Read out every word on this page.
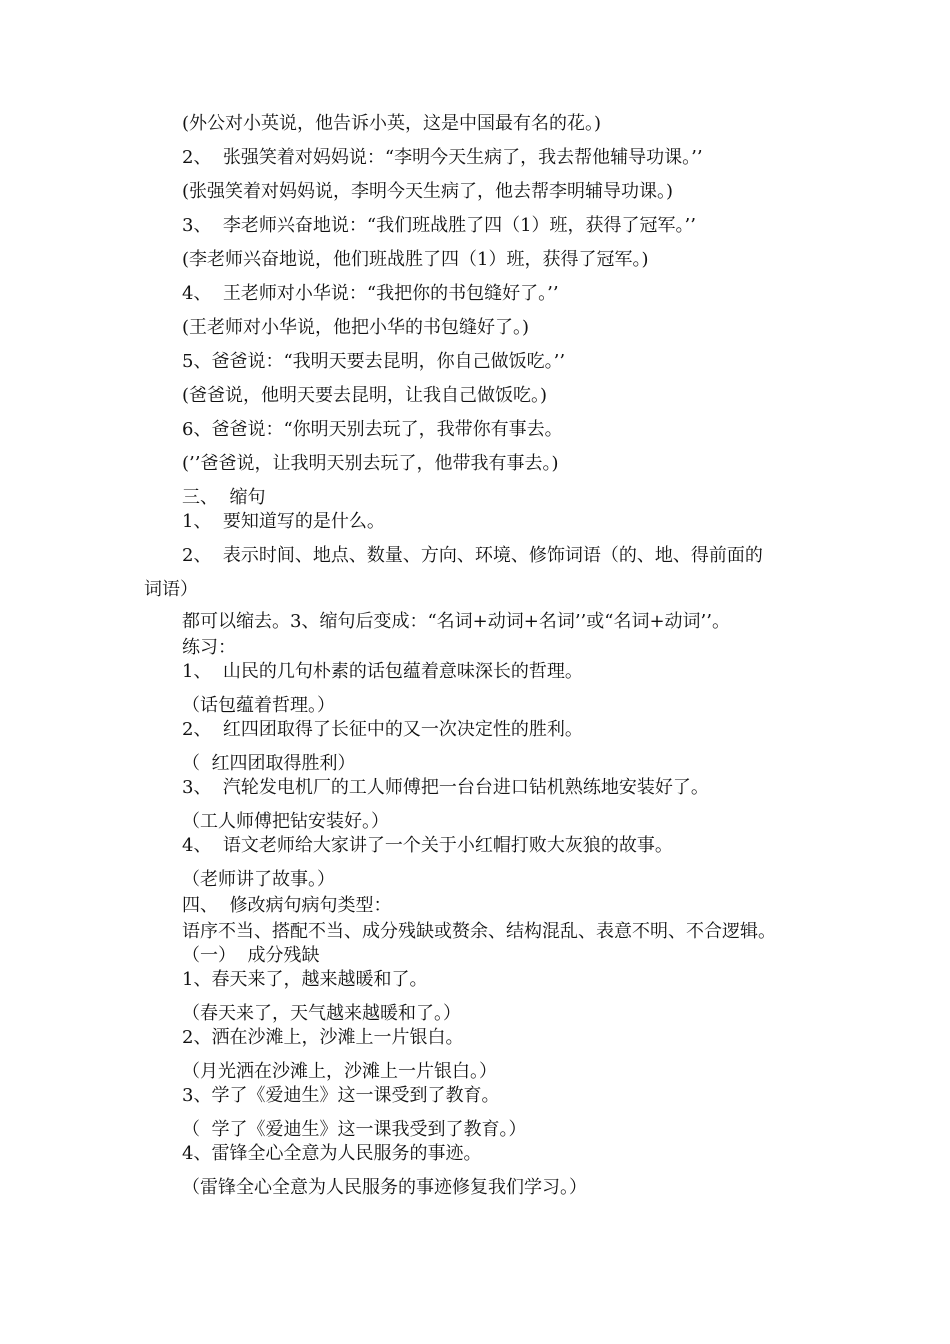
(外公对小英说，他告诉小英，这是中国最有名的花。)
2、  张强笑着对妈妈说：“李明今天生病了，我去帮他辅导功课。’’
(张强笑着对妈妈说，李明今天生病了，他去帮李明辅导功课。)
3、  李老师兴奋地说：“我们班战胜了四（1）班，获得了冠军。’’
(李老师兴奋地说，他们班战胜了四（1）班，获得了冠军。)
4、  王老师对小华说：“我把你的书包缝好了。’’
(王老师对小华说，他把小华的书包缝好了。)
5、爸爸说：“我明天要去昆明，你自己做饭吃。’’
(爸爸说，他明天要去昆明，让我自己做饭吃。)
6、爸爸说：“你明天别去玩了，我带你有事去。
(’’爸爸说，让我明天别去玩了，他带我有事去。)
三、  缩句
1、  要知道写的是什么。
2、  表示时间、地点、数量、方向、环境、修饰词语（的、地、得前面的
词语）
都可以缩去。3、缩句后变成：“名词+动词+名词’’或“名词+动词’’。
练习：
1、  山民的几句朴素的话包蕴着意味深长的哲理。
（话包蕴着哲理。）
2、  红四团取得了长征中的又一次决定性的胜利。
（  红四团取得胜利）
3、  汽轮发电机厂的工人师傅把一台台进口钻机熟练地安装好了。
（工人师傅把钻安装好。）
4、  语文老师给大家讲了一个关于小红帽打败大灰狼的故事。
（老师讲了故事。）
四、  修改病句病句类型：
语序不当、搭配不当、成分残缺或赘余、结构混乱、表意不明、不合逻辑。
（一）  成分残缺
1、春天来了，越来越暖和了。
（春天来了，天气越来越暖和了。）
2、洒在沙滩上，沙滩上一片银白。
（月光洒在沙滩上，沙滩上一片银白。）
3、学了《爱迪生》这一课受到了教育。
（  学了《爱迪生》这一课我受到了教育。）
4、雷锋全心全意为人民服务的事迹。
（雷锋全心全意为人民服务的事迹修复我们学习。）
